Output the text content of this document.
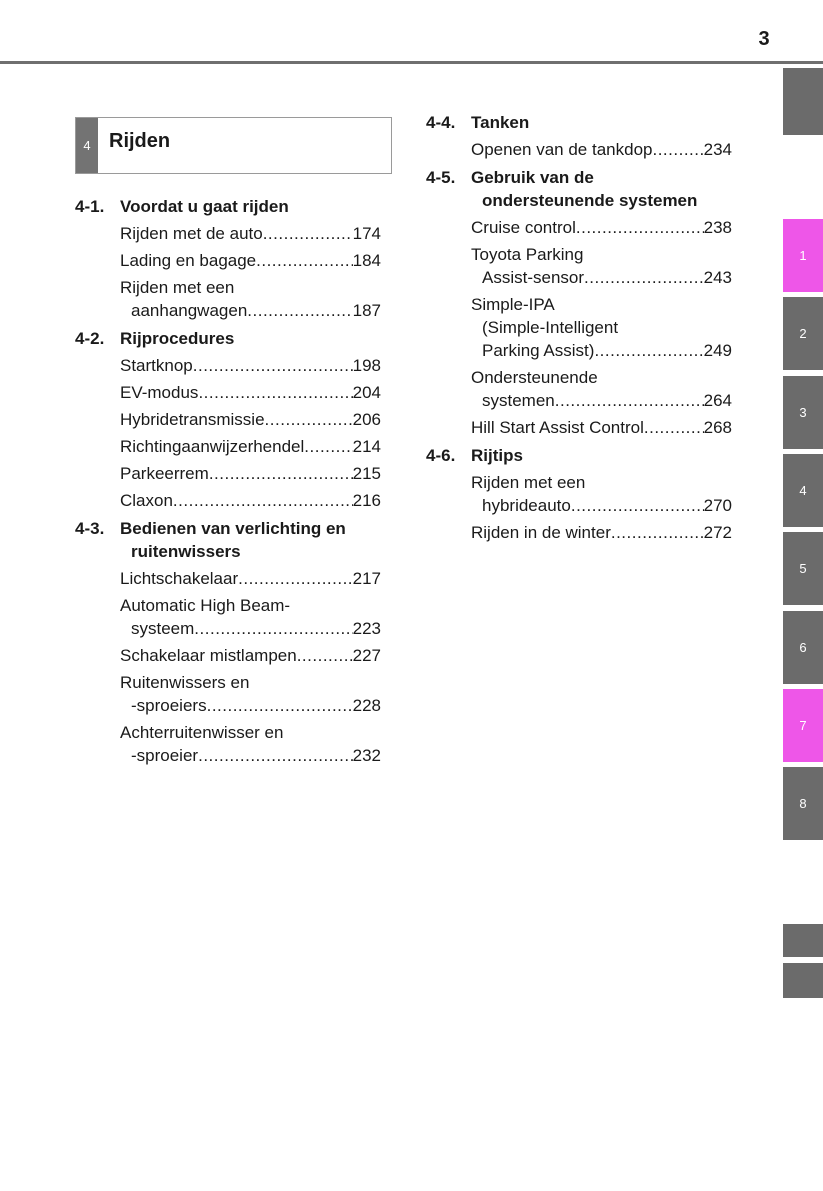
3
4 Rijden
4-1. Voordat u gaat rijden
Rijden met de auto .....	174
Lading en bagage .....	184
Rijden met een
aanhangwagen .....	187
4-2. Rijprocedures
Startknop .....	198
EV-modus .....	204
Hybridetransmissie .....	206
Richtingaanwijzerhendel .....	214
Parkeerrem .....	215
Claxon .....	216
4-3. Bedienen van verlichting en
ruitenwissers
Lichtschakelaar .....	217
Automatic High Beam-
systeem .....	223
Schakelaar mistlampen .....	227
Ruitenwissers en
-sproeiers .....	228
Achterruitenwisser en
-sproeier .....	232
4-4. Tanken
Openen van de tankdop .....	234
4-5. Gebruik van de
ondersteunende systemen
Cruise control .....	238
Toyota Parking
Assist-sensor .....	243
Simple-IPA
(Simple-Intelligent
Parking Assist) .....	249
Ondersteunende
systemen .....	264
Hill Start Assist Control .....	268
4-6. Rijtips
Rijden met een
hybrideauto .....	270
Rijden in de winter .....	272
1
2
3
4
5
6
7
8
